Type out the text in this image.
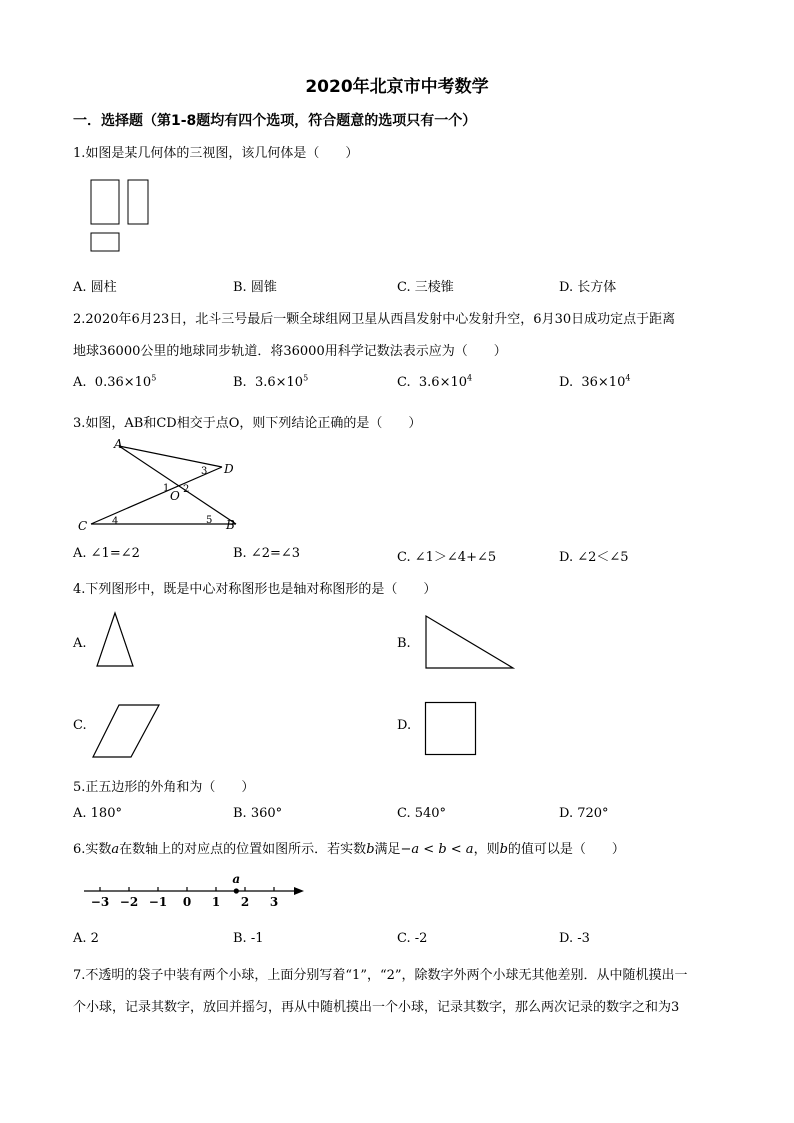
2020年北京市中考数学
一．选择题（第1-8题均有四个选项，符合题意的选项只有一个）
1.如图是某几何体的三视图，该几何体是（　　）
A. 圆柱	B. 圆锥	C. 三棱锥	D. 长方体
2.2020年6月23日，北斗三号最后一颗全球组网卫星从西昌发射中心发射升空，6月30日成功定点于距离
地球36000公里的地球同步轨道．将36000用科学记数法表示应为（　　）
A. $0.36\times 10^5$	B. $3.6\times 10^5$	C. $3.6\times 10^4$	D. $36\times 10^4$
3.如图，AB和CD相交于点O，则下列结论正确的是（　　）
A
D
O
C	B
1 2
3
4	5
A. ∠1=∠2	B. ∠2=∠3	C. ∠1＞∠4+∠5	D. ∠2＜∠5
4.下列图形中，既是中心对称图形也是轴对称图形的是（　　）
A.	B.
C.	D.
5.正五边形的外角和为（　　）
A. 180°	B. 360°	C. 540°	D. 720°
6.实数a在数轴上的对应点的位置如图所示．若实数b满足−a < b < a，则b的值可以是（　　）
−3 −2 −1 0 1 2 3
a
A. 2	B. -1	C. -2	D. -3
7.不透明的袋子中装有两个小球，上面分别写着“1”，“2”，除数字外两个小球无其他差别．从中随机摸出一
个小球，记录其数字，放回并摇匀，再从中随机摸出一个小球，记录其数字，那么两次记录的数字之和为3
